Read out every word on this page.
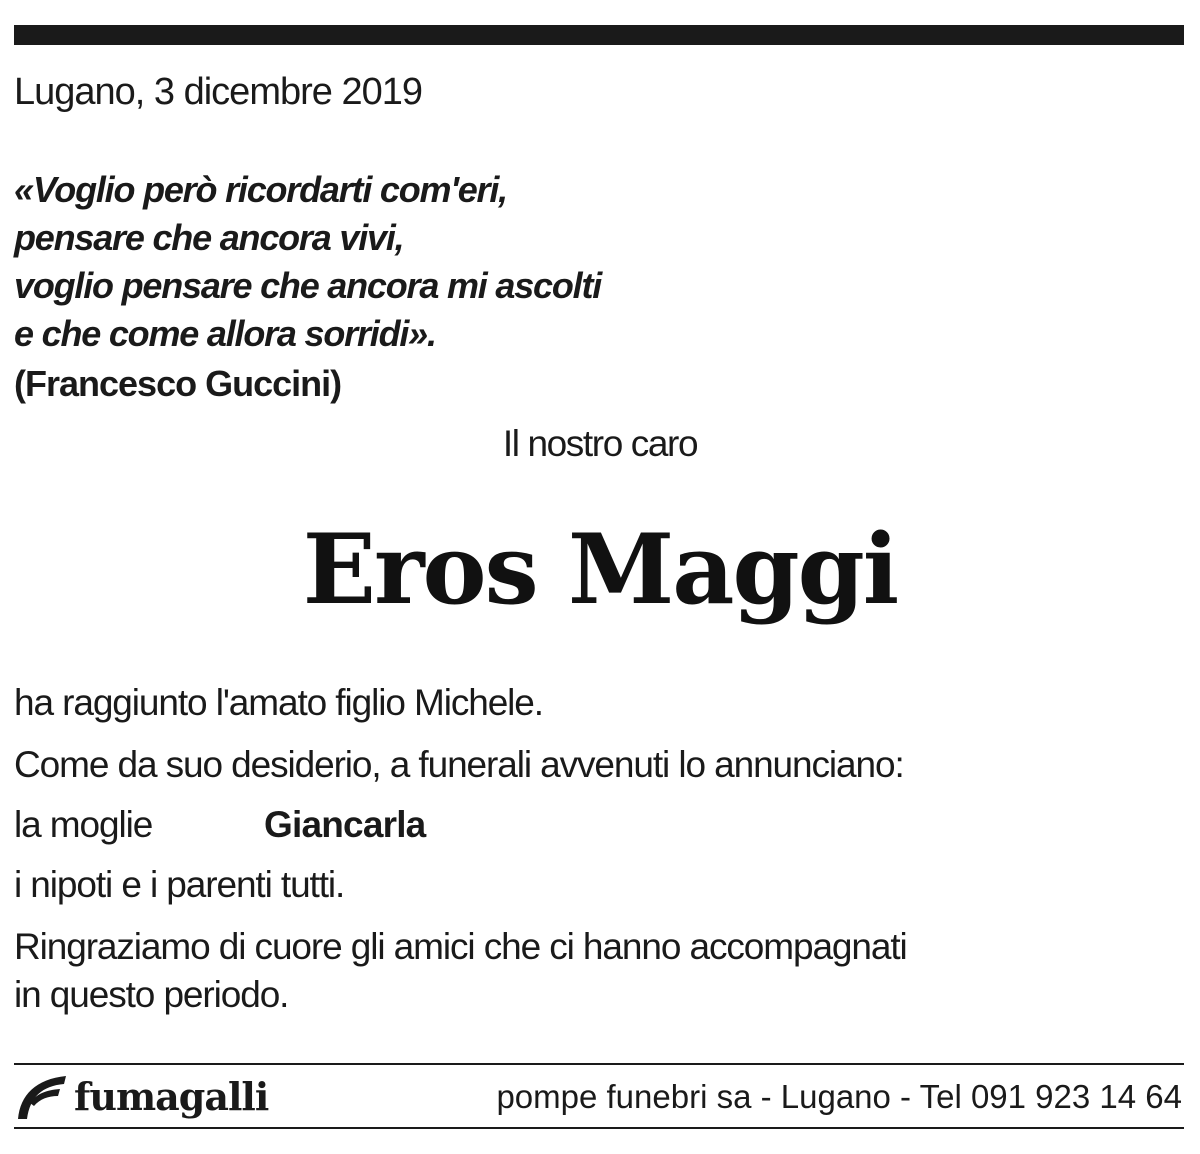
Lugano, 3 dicembre 2019
«Voglio però ricordarti com'eri,
pensare che ancora vivi,
voglio pensare che ancora mi ascolti
e che come allora sorridi».
(Francesco Guccini)
Il nostro caro
Eros Maggi
ha raggiunto l'amato figlio Michele.
Come da suo desiderio, a funerali avvenuti lo annunciano:
la moglie	Giancarla
i nipoti e i parenti tutti.
Ringraziamo di cuore gli amici che ci hanno accompagnati
in questo periodo.
fumagalli	pompe funebri sa - Lugano - Tel 091 923 14 64
